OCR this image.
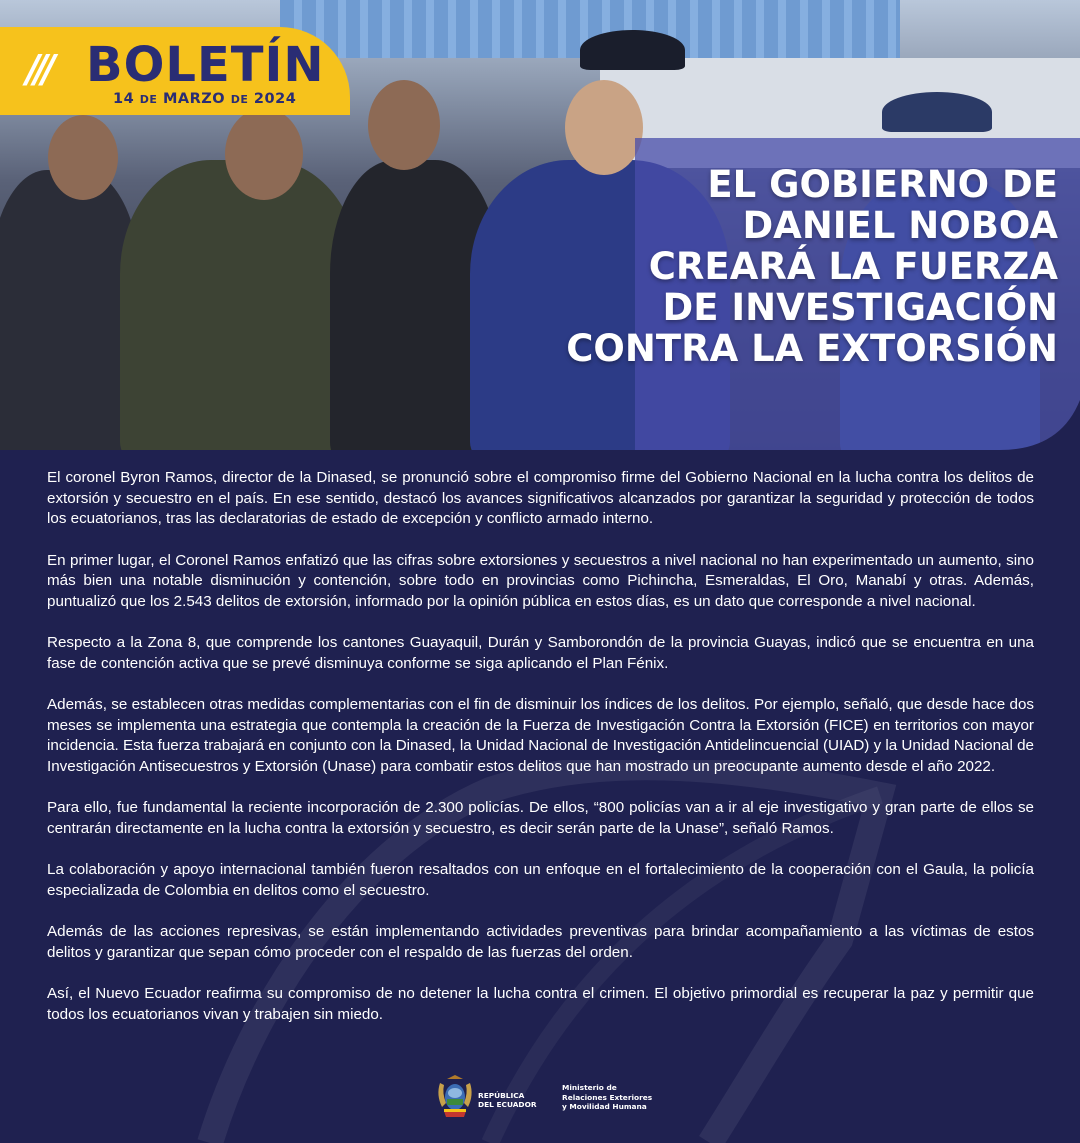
EL GOBIERNO DE
DANIEL NOBOA
CREARÁ LA FUERZA
DE INVESTIGACIÓN
CONTRA LA EXTORSIÓN
/// BOLETÍN
14 DE MARZO DE 2024

El coronel Byron Ramos, director de la Dinased, se pronunció sobre el compromiso firme del Gobierno Nacional en la lucha contra los delitos de extorsión y secuestro en el país. En ese sentido, destacó los avances significativos alcanzados por garantizar la seguridad y protección de todos los ecuatorianos, tras las declaratorias de estado de excepción y conflicto armado interno.

En primer lugar, el Coronel Ramos enfatizó que las cifras sobre extorsiones y secuestros a nivel nacional no han experimentado un aumento, sino más bien una notable disminución y contención, sobre todo en provincias como Pichincha, Esmeraldas, El Oro, Manabí y otras. Además, puntualizó que los 2.543 delitos de extorsión, informado por la opinión pública en estos días, es un dato que corresponde a nivel nacional.

Respecto a la Zona 8, que comprende los cantones Guayaquil, Durán y Samborondón de la provincia Guayas, indicó que se encuentra en una fase de contención activa que se prevé disminuya conforme se siga aplicando el Plan Fénix.

Además, se establecen otras medidas complementarias con el fin de disminuir los índices de los delitos. Por ejemplo, señaló, que desde hace dos meses se implementa una estrategia que contempla la creación de la Fuerza de Investigación Contra la Extorsión (FICE) en territorios con mayor incidencia. Esta fuerza trabajará en conjunto con la Dinased, la Unidad Nacional de Investigación Antidelincuencial (UIAD) y la Unidad Nacional de Investigación Antisecuestros y Extorsión (Unase) para combatir estos delitos que han mostrado un preocupante aumento desde el año 2022.

Para ello, fue fundamental la reciente incorporación de 2.300 policías. De ellos, “800 policías van a ir al eje investigativo y gran parte de ellos se centrarán directamente en la lucha contra la extorsión y secuestro, es decir serán parte de la Unase”, señaló Ramos.

La colaboración y apoyo internacional también fueron resaltados con un enfoque en el fortalecimiento de la cooperación con el Gaula, la policía especializada de Colombia en delitos como el secuestro.

Además de las acciones represivas, se están implementando actividades preventivas para brindar acompañamiento a las víctimas de estos delitos y garantizar que sepan cómo proceder con el respaldo de las fuerzas del orden.

Así, el Nuevo Ecuador reafirma su compromiso de no detener la lucha contra el crimen. El objetivo primordial es recuperar la paz y permitir que todos los ecuatorianos vivan y trabajen sin miedo.

REPÚBLICA
DEL ECUADOR
Ministerio de
Relaciones Exteriores
y Movilidad Humana
